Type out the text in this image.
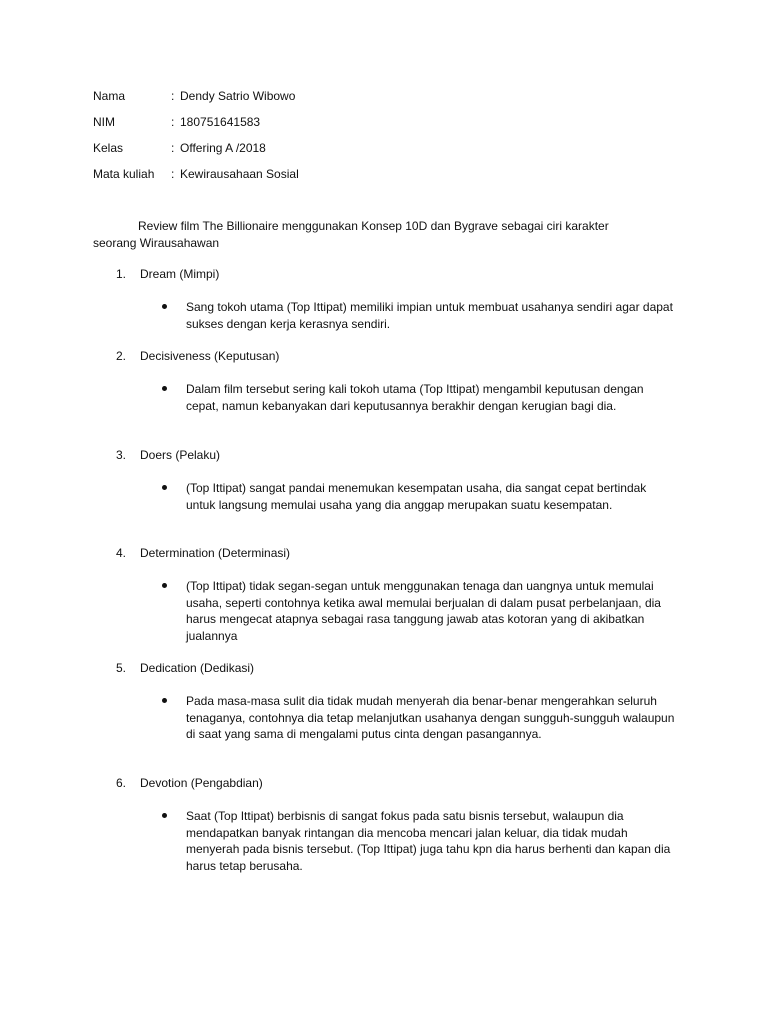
Nama	: Dendy Satrio Wibowo
NIM	: 180751641583
Kelas	: Offering A /2018
Mata kuliah : Kewirausahaan Sosial
Review film The Billionaire menggunakan Konsep 10D dan Bygrave sebagai ciri karakter
seorang Wirausahawan
1. Dream (Mimpi)
Sang tokoh utama (Top Ittipat) memiliki impian untuk membuat usahanya sendiri agar dapat sukses dengan kerja kerasnya sendiri.
2. Decisiveness (Keputusan)
Dalam film tersebut sering kali tokoh utama (Top Ittipat) mengambil keputusan dengan cepat, namun kebanyakan dari keputusannya berakhir dengan kerugian bagi dia.
3. Doers (Pelaku)
(Top Ittipat) sangat pandai menemukan kesempatan usaha, dia sangat cepat bertindak untuk langsung memulai usaha yang dia anggap merupakan suatu kesempatan.
4. Determination (Determinasi)
(Top Ittipat) tidak segan-segan untuk menggunakan tenaga dan uangnya untuk memulai usaha, seperti contohnya ketika awal memulai berjualan di dalam pusat perbelanjaan, dia harus mengecat atapnya sebagai rasa tanggung jawab atas kotoran yang di akibatkan jualannya
5. Dedication (Dedikasi)
Pada masa-masa sulit dia tidak mudah menyerah dia benar-benar mengerahkan seluruh tenaganya, contohnya dia tetap melanjutkan usahanya dengan sungguh-sungguh walaupun di saat yang sama di mengalami putus cinta dengan pasangannya.
6. Devotion (Pengabdian)
Saat (Top Ittipat) berbisnis di sangat fokus pada satu bisnis tersebut, walaupun dia mendapatkan banyak rintangan dia mencoba mencari jalan keluar, dia tidak mudah menyerah pada bisnis tersebut. (Top Ittipat) juga tahu kpn dia harus berhenti dan kapan dia harus tetap berusaha.
